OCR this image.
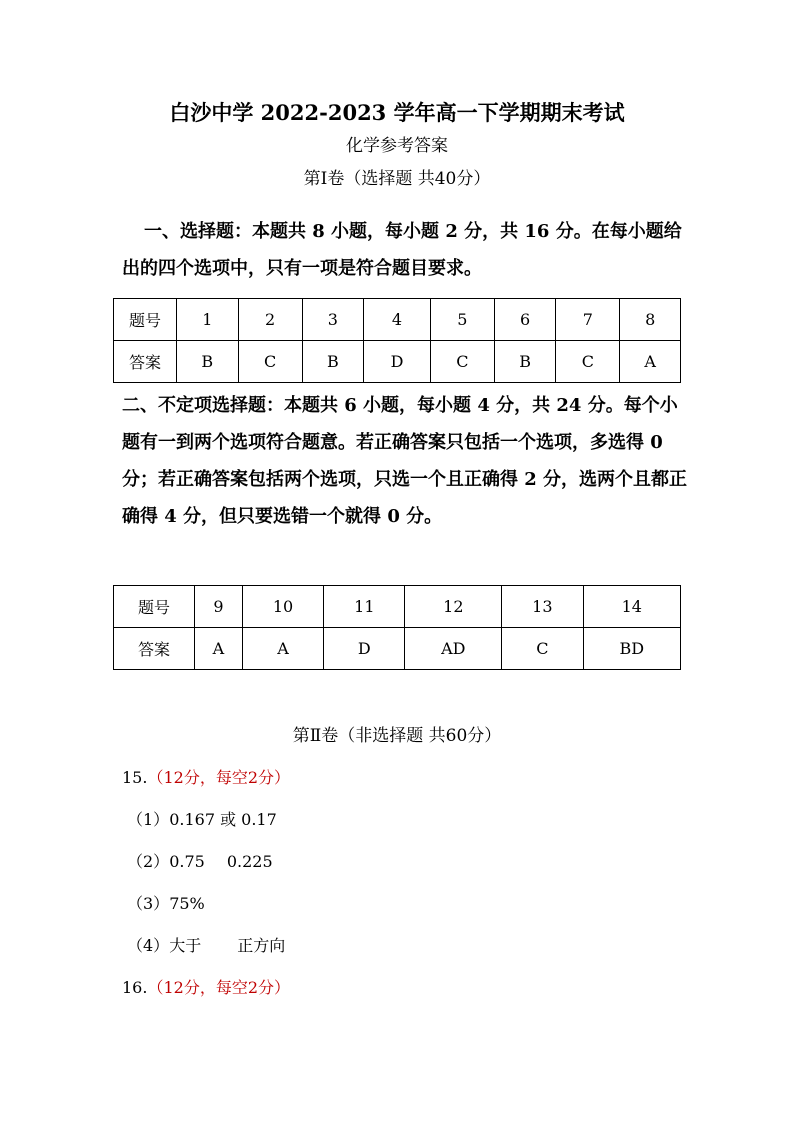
白沙中学 2022-2023 学年高一下学期期末考试
化学参考答案
第Ⅰ卷（选择题 共40分）
一、选择题：本题共 8 小题，每小题 2 分，共 16 分。在每小题给出的四个选项中，只有一项是符合题目要求。
题号	1	2	3	4	5	6	7	8
答案	B	C	B	D	C	B	C	A
二、不定项选择题：本题共 6 小题，每小题 4 分，共 24 分。每个小题有一到两个选项符合题意。若正确答案只包括一个选项，多选得 0 分；若正确答案包括两个选项，只选一个且正确得 2 分，选两个且都正确得 4 分，但只要选错一个就得 0 分。
题号	9	10	11	12	13	14
答案	A	A	D	AD	C	BD
第Ⅱ卷（非选择题 共60分）
15.（12分，每空2分）
（1）0.167 或 0.17
（2）0.75 0.225
（3）75%
（4）大于 正方向
16.（12分，每空2分）
